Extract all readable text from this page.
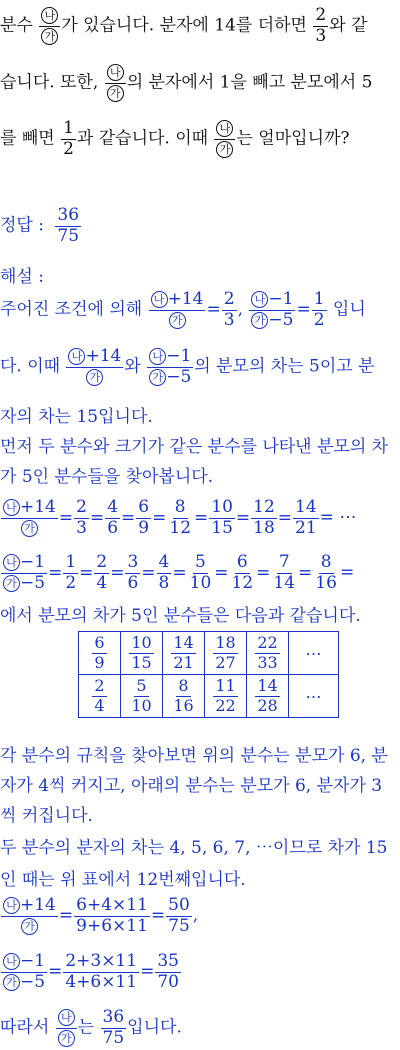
분수 $\frac{\text{나}}{\text{가}}$ 가 있습니다. 분자에 14를 더하면 $\frac{2}{3}$ 와 같
습니다. 또한, $\frac{\text{나}}{\text{가}}$ 의 분자에서 1을 빼고 분모에서 5
를 빼면 $\frac{1}{2}$ 과 같습니다. 이때 $\frac{\text{나}}{\text{가}}$ 는 얼마입니까?
정답 : $\frac{36}{75}$
해설 :
주어진 조건에 의해 $\frac{\text{나 +14}}{\text{가}} = \frac{2}{3}$ , $\frac{\text{나 −1}}{\text{가 −5}} = \frac{1}{2}$ 입니
다. 이때 $\frac{\text{나 +14}}{\text{가}}$ 와 $\frac{\text{나 −1}}{\text{가 −5}}$ 의 분모의 차는 5이고 분
자의 차는 15입니다.
먼저 두 분수와 크기가 같은 분수를 나타낸 분모의 차
가 5인 분수들을 찾아봅니다.
$\frac{\text{나 +14}}{\text{가}} = \frac{2}{3} = \frac{4}{6} = \frac{6}{9} = \frac{8}{12} = \frac{10}{15} = \frac{12}{18} = \frac{14}{21}$ = ⋯
$\frac{\text{나 −1}}{\text{가 −5}} = \frac{1}{2} = \frac{2}{4} = \frac{3}{6} = \frac{4}{8} = \frac{5}{10} = \frac{6}{12} = \frac{7}{14} = \frac{8}{16}$ =
에서 분모의 차가 5인 분수들은 다음과 같습니다.
$\frac{6}{9}$	$\frac{10}{15}$	$\frac{14}{21}$	$\frac{18}{27}$	$\frac{22}{33}$	⋯

$\frac{2}{4}$	$\frac{5}{10}$	$\frac{8}{16}$	$\frac{11}{22}$	$\frac{14}{28}$	⋯
각 분수의 규칙을 찾아보면 위의 분수는 분모가 6, 분
자가 4씩 커지고, 아래의 분수는 분모가 6, 분자가 3
씩 커집니다.
두 분수의 분자의 차는 4, 5, 6, 7, ⋯이므로 차가 15
인 때는 위 표에서 12번째입니다.
$\frac{\text{나 +14}}{\text{가}} = \frac{6+4\times 11}{9+6\times 11} = \frac{50}{75}$ ,
$\frac{\text{나 −1}}{\text{가 −5}} = \frac{2+3\times 11}{4+6\times 11} = \frac{35}{70}$
따라서 $\frac{\text{나}}{\text{가}}$ 는 $\frac{36}{75}$ 입니다.
